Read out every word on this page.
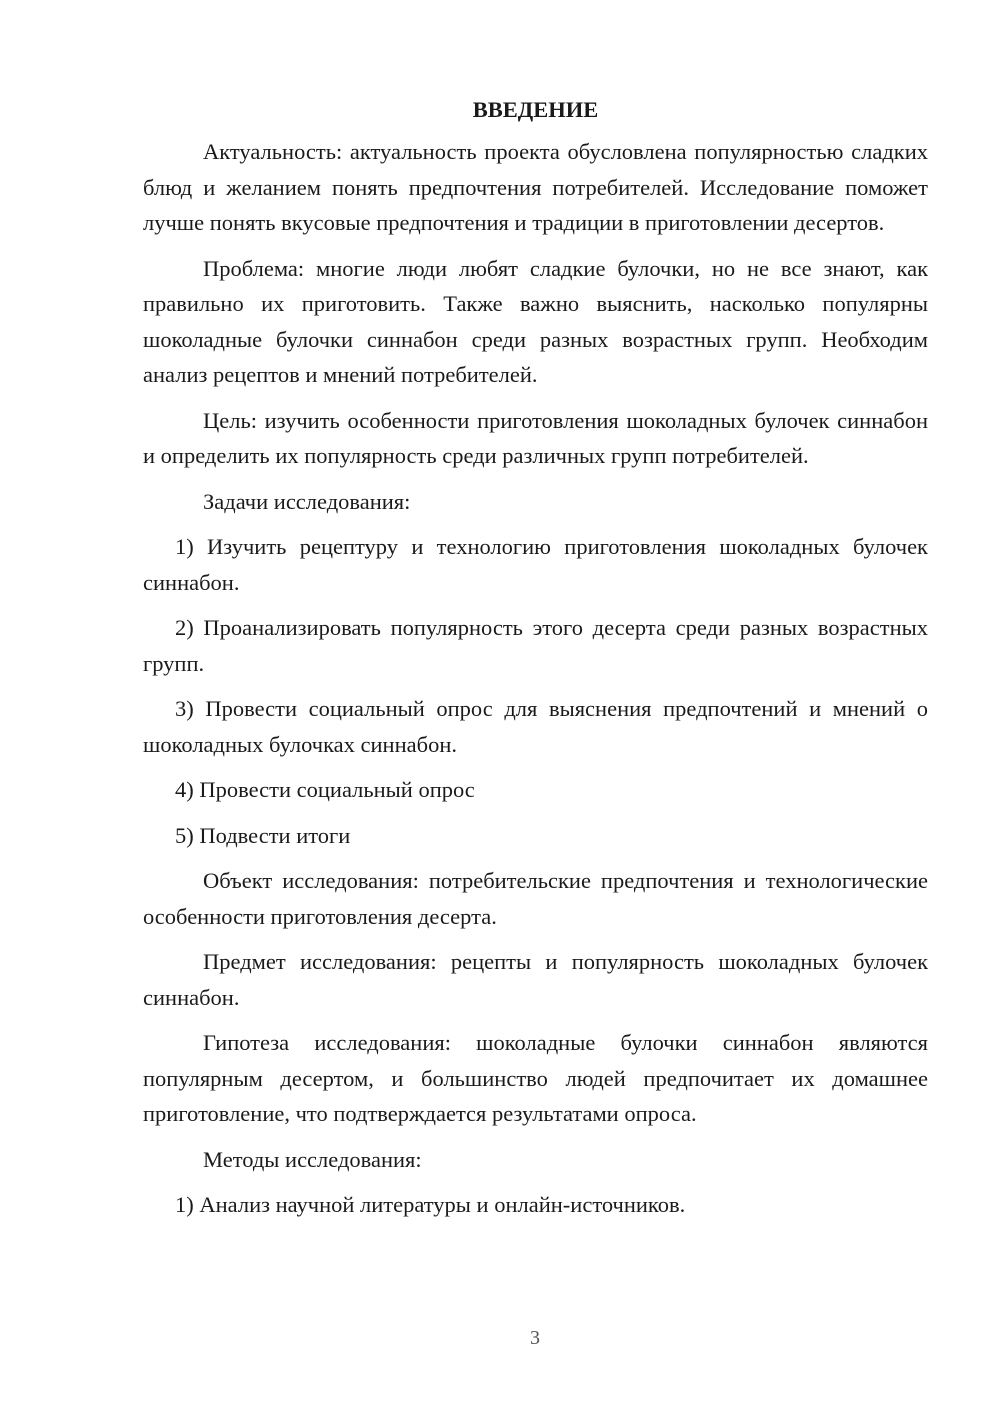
ВВЕДЕНИЕ

Актуальность: актуальность проекта обусловлена популярностью сладких блюд и желанием понять предпочтения потребителей. Исследование поможет лучше понять вкусовые предпочтения и традиции в приготовлении десертов.

Проблема: многие люди любят сладкие булочки, но не все знают, как правильно их приготовить. Также важно выяснить, насколько популярны шоколадные булочки синнабон среди разных возрастных групп. Необходим анализ рецептов и мнений потребителей.

Цель: изучить особенности приготовления шоколадных булочек синнабон и определить их популярность среди различных групп потребителей.

Задачи исследования:

1) Изучить рецептуру и технологию приготовления шоколадных булочек синнабон.

2) Проанализировать популярность этого десерта среди разных возрастных групп.

3) Провести социальный опрос для выяснения предпочтений и мнений о шоколадных булочках синнабон.

4) Провести социальный опрос

5) Подвести итоги

Объект исследования: потребительские предпочтения и технологические особенности приготовления десерта.

Предмет исследования: рецепты и популярность шоколадных булочек синнабон.

Гипотеза исследования: шоколадные булочки синнабон являются популярным десертом, и большинство людей предпочитает их домашнее приготовление, что подтверждается результатами опроса.

Методы исследования:

1) Анализ научной литературы и онлайн-источников.

3
